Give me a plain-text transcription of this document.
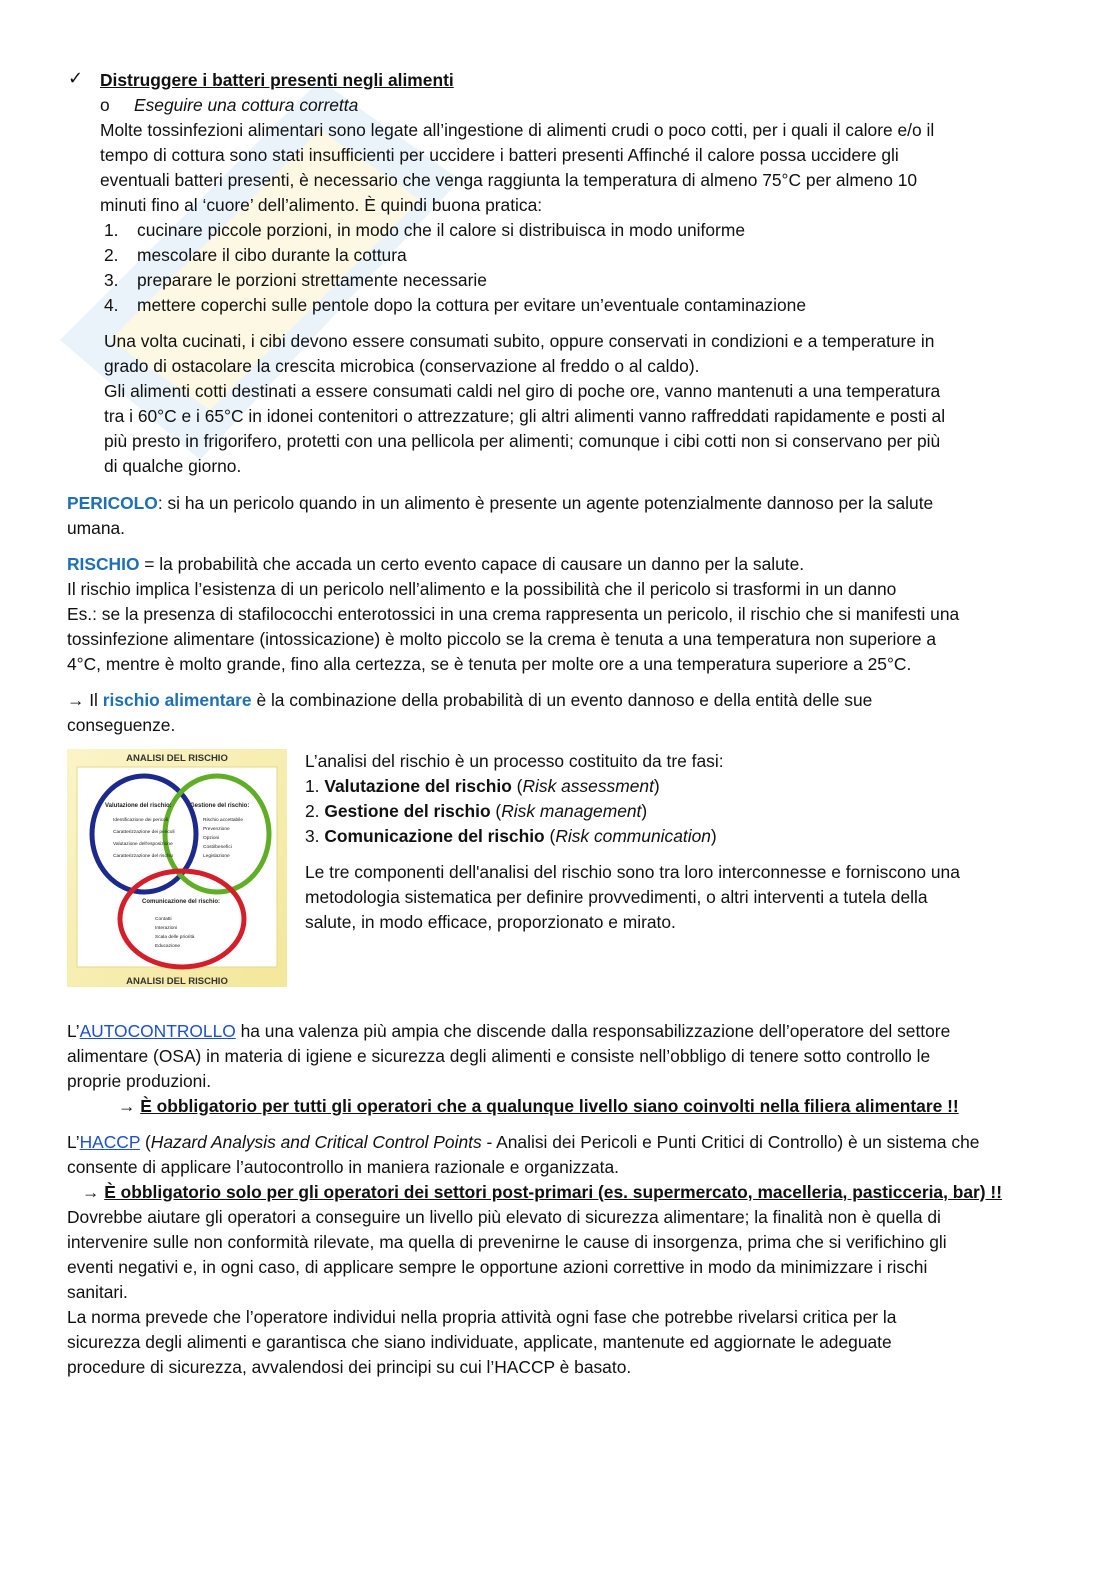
✓ Distruggere i batteri presenti negli alimenti
o Eseguire una cottura corretta
Molte tossinfezioni alimentari sono legate all’ingestione di alimenti crudi o poco cotti, per i quali il calore e/o il
tempo di cottura sono stati insufficienti per uccidere i batteri presenti Affinché il calore possa uccidere gli
eventuali batteri presenti, è necessario che venga raggiunta la temperatura di almeno 75°C per almeno 10
minuti fino al ‘cuore’ dell’alimento. È quindi buona pratica:
1. cucinare piccole porzioni, in modo che il calore si distribuisca in modo uniforme
2. mescolare il cibo durante la cottura
3. preparare le porzioni strettamente necessarie
4. mettere coperchi sulle pentole dopo la cottura per evitare un’eventuale contaminazione
Una volta cucinati, i cibi devono essere consumati subito, oppure conservati in condizioni e a temperature in
grado di ostacolare la crescita microbica (conservazione al freddo o al caldo).
Gli alimenti cotti destinati a essere consumati caldi nel giro di poche ore, vanno mantenuti a una temperatura
tra i 60°C e i 65°C in idonei contenitori o attrezzature; gli altri alimenti vanno raffreddati rapidamente e posti al
più presto in frigorifero, protetti con una pellicola per alimenti; comunque i cibi cotti non si conservano per più
di qualche giorno.
PERICOLO: si ha un pericolo quando in un alimento è presente un agente potenzialmente dannoso per la salute
umana.
RISCHIO = la probabilità che accada un certo evento capace di causare un danno per la salute.
Il rischio implica l’esistenza di un pericolo nell’alimento e la possibilità che il pericolo si trasformi in un danno
Es.: se la presenza di stafilococchi enterotossici in una crema rappresenta un pericolo, il rischio che si manifesti una
tossinfezione alimentare (intossicazione) è molto piccolo se la crema è tenuta a una temperatura non superiore a
4°C, mentre è molto grande, fino alla certezza, se è tenuta per molte ore a una temperatura superiore a 25°C.
→ Il rischio alimentare è la combinazione della probabilità di un evento dannoso e della entità delle sue
conseguenze.
ANALISI DEL RISCHIO
ANALISI DEL RISCHIO
Valutazione del rischio:
Identificazione dei pericoli
Caratterizzazione dei pericoli
Valutazione dell'esposizione
Caratterizzazione del rischio
Gestione del rischio:
Rischio accettabile
Prevenzione
Opzioni
Costi/benefici
Legislazione
Comunicazione del rischio:
Contatti
Interazioni
Scala delle priorità
Educazione
L’analisi del rischio è un processo costituito da tre fasi:
1. Valutazione del rischio (Risk assessment)
2. Gestione del rischio (Risk management)
3. Comunicazione del rischio (Risk communication)
Le tre componenti dell'analisi del rischio sono tra loro interconnesse e forniscono una
metodologia sistematica per definire provvedimenti, o altri interventi a tutela della
salute, in modo efficace, proporzionato e mirato.
L’AUTOCONTROLLO ha una valenza più ampia che discende dalla responsabilizzazione dell’operatore del settore
alimentare (OSA) in materia di igiene e sicurezza degli alimenti e consiste nell’obbligo di tenere sotto controllo le
proprie produzioni.
→ È obbligatorio per tutti gli operatori che a qualunque livello siano coinvolti nella filiera alimentare !!
L’HACCP (Hazard Analysis and Critical Control Points - Analisi dei Pericoli e Punti Critici di Controllo) è un sistema che
consente di applicare l’autocontrollo in maniera razionale e organizzata.
→ È obbligatorio solo per gli operatori dei settori post-primari (es. supermercato, macelleria, pasticceria, bar) !!
Dovrebbe aiutare gli operatori a conseguire un livello più elevato di sicurezza alimentare; la finalità non è quella di
intervenire sulle non conformità rilevate, ma quella di prevenirne le cause di insorgenza, prima che si verifichino gli
eventi negativi e, in ogni caso, di applicare sempre le opportune azioni correttive in modo da minimizzare i rischi
sanitari.
La norma prevede che l’operatore individui nella propria attività ogni fase che potrebbe rivelarsi critica per la
sicurezza degli alimenti e garantisca che siano individuate, applicate, mantenute ed aggiornate le adeguate
procedure di sicurezza, avvalendosi dei principi su cui l’HACCP è basato.
